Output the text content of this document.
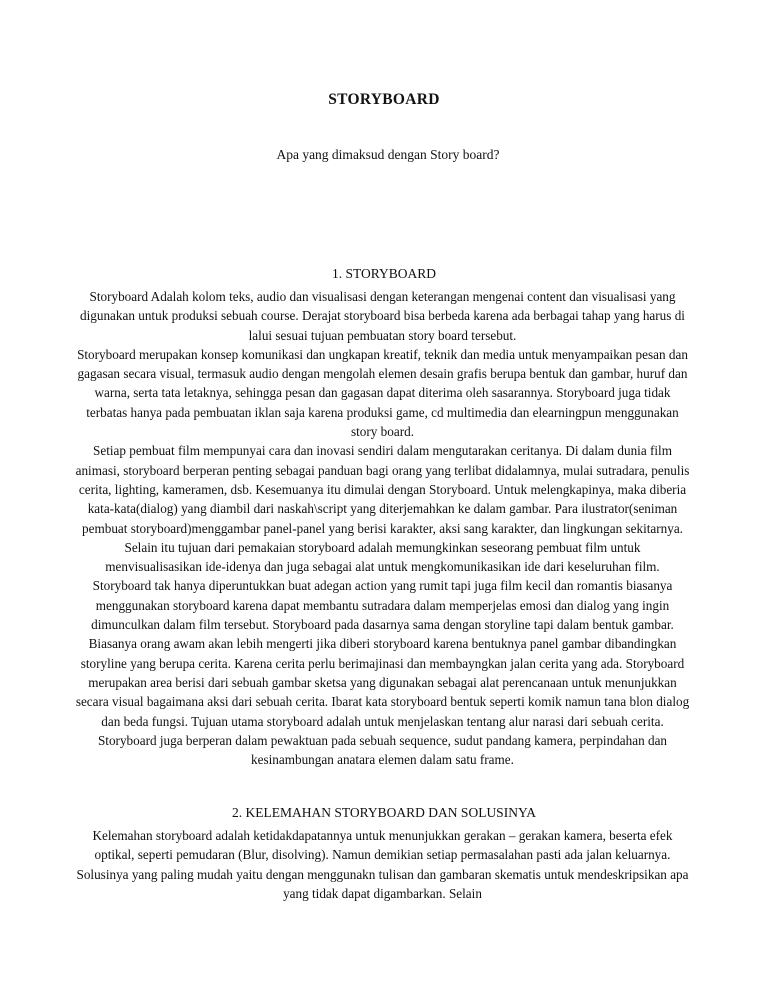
STORYBOARD
Apa yang dimaksud dengan Story board?
1. STORYBOARD

Storyboard Adalah kolom teks, audio dan visualisasi dengan keterangan mengenai content dan visualisasi yang digunakan untuk produksi sebuah course. Derajat storyboard bisa berbeda karena ada berbagai tahap yang harus di lalui sesuai tujuan pembuatan story board tersebut.

Storyboard merupakan konsep komunikasi dan ungkapan kreatif, teknik dan media untuk menyampaikan pesan dan gagasan secara visual, termasuk audio dengan mengolah elemen desain grafis berupa bentuk dan gambar, huruf dan warna, serta tata letaknya, sehingga pesan dan gagasan dapat diterima oleh sasarannya. Storyboard juga tidak terbatas hanya pada pembuatan iklan saja karena produksi game, cd multimedia dan elearningpun menggunakan story board.

Setiap pembuat film mempunyai cara dan inovasi sendiri dalam mengutarakan ceritanya. Di dalam dunia film animasi, storyboard berperan penting sebagai panduan bagi orang yang terlibat didalamnya, mulai sutradara, penulis cerita, lighting, kameramen, dsb. Kesemuanya itu dimulai dengan Storyboard. Untuk melengkapinya, maka diberia kata-kata(dialog) yang diambil dari naskah\script yang diterjemahkan ke dalam gambar. Para ilustrator(seniman pembuat storyboard)menggambar panel-panel yang berisi karakter, aksi sang karakter, dan lingkungan sekitarnya. Selain itu tujuan dari pemakaian storyboard adalah memungkinkan seseorang pembuat film untuk menvisualisasikan ide-idenya dan juga sebagai alat untuk mengkomunikasikan ide dari keseluruhan film. Storyboard tak hanya diperuntukkan buat adegan action yang rumit tapi juga film kecil dan romantis biasanya menggunakan storyboard karena dapat membantu sutradara dalam memperjelas emosi dan dialog yang ingin dimunculkan dalam film tersebut. Storyboard pada dasarnya sama dengan storyline tapi dalam bentuk gambar. Biasanya orang awam akan lebih mengerti jika diberi storyboard karena bentuknya panel gambar dibandingkan storyline yang berupa cerita. Karena cerita perlu berimajinasi dan membayngkan jalan cerita yang ada. Storyboard merupakan area berisi dari sebuah gambar sketsa yang digunakan sebagai alat perencanaan untuk menunjukkan secara visual bagaimana aksi dari sebuah cerita. Ibarat kata storyboard bentuk seperti komik namun tana blon dialog dan beda fungsi. Tujuan utama storyboard adalah untuk menjelaskan tentang alur narasi dari sebuah cerita. Storyboard juga berperan dalam pewaktuan pada sebuah sequence, sudut pandang kamera, perpindahan dan kesinambungan anatara elemen dalam satu frame.

2. KELEMAHAN STORYBOARD DAN SOLUSINYA

Kelemahan storyboard adalah ketidakdapatannya untuk menunjukkan gerakan – gerakan kamera, beserta efek optikal, seperti pemudaran (Blur, disolving). Namun demikian setiap permasalahan pasti ada jalan keluarnya. Solusinya yang paling mudah yaitu dengan menggunakn tulisan dan gambaran skematis untuk mendeskripsikan apa yang tidak dapat digambarkan. Selain
